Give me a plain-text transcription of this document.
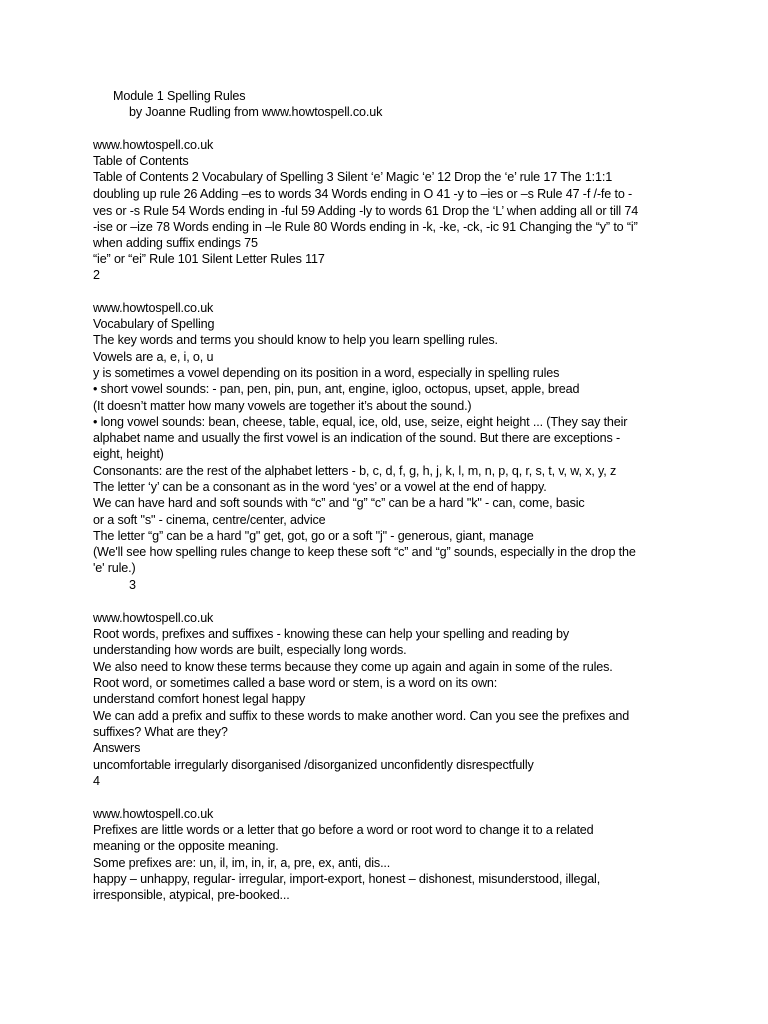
Module 1 Spelling Rules
by Joanne Rudling from www.howtospell.co.uk
www.howtospell.co.uk
Table of Contents
Table of Contents 2 Vocabulary of Spelling 3 Silent ‘e’ Magic ‘e’ 12 Drop the ‘e’ rule 17 The 1:1:1
doubling up rule 26 Adding –es to words 34 Words ending in O 41 -y to –ies or –s Rule 47 -f /-fe to -
ves or -s Rule 54 Words ending in -ful 59 Adding -ly to words 61 Drop the ‘L’ when adding all or till 74
-ise or –ize 78 Words ending in –le Rule 80 Words ending in -k, -ke, -ck, -ic 91 Changing the “y” to “i”
when adding suffix endings 75
“ie” or “ei” Rule 101 Silent Letter Rules 117
2
www.howtospell.co.uk
Vocabulary of Spelling
The key words and terms you should know to help you learn spelling rules.
Vowels are a, e, i, o, u
y is sometimes a vowel depending on its position in a word, especially in spelling rules
• short vowel sounds: - pan, pen, pin, pun, ant, engine, igloo, octopus, upset, apple, bread
(It doesn’t matter how many vowels are together it’s about the sound.)
• long vowel sounds: bean, cheese, table, equal, ice, old, use, seize, eight height ... (They say their
alphabet name and usually the first vowel is an indication of the sound. But there are exceptions -
eight, height)
Consonants: are the rest of the alphabet letters - b, c, d, f, g, h, j, k, l, m, n, p, q, r, s, t, v, w, x, y, z
The letter ‘y’ can be a consonant as in the word ‘yes’ or a vowel at the end of happy.
We can have hard and soft sounds with “c” and “g” “c” can be a hard "k" - can, come, basic
or a soft "s" - cinema, centre/center, advice
The letter “g” can be a hard "g" get, got, go or a soft "j" - generous, giant, manage
(We'll see how spelling rules change to keep these soft “c” and “g” sounds, especially in the drop the
'e' rule.)
3
www.howtospell.co.uk
Root words, prefixes and suffixes - knowing these can help your spelling and reading by
understanding how words are built, especially long words.
We also need to know these terms because they come up again and again in some of the rules.
Root word, or sometimes called a base word or stem, is a word on its own:
understand comfort honest legal happy
We can add a prefix and suffix to these words to make another word. Can you see the prefixes and
suffixes? What are they?
Answers
uncomfortable irregularly disorganised /disorganized unconfidently disrespectfully
4
www.howtospell.co.uk
Prefixes are little words or a letter that go before a word or root word to change it to a related
meaning or the opposite meaning.
Some prefixes are: un, il, im, in, ir, a, pre, ex, anti, dis...
happy – unhappy, regular- irregular, import-export, honest – dishonest, misunderstood, illegal,
irresponsible, atypical, pre-booked...
